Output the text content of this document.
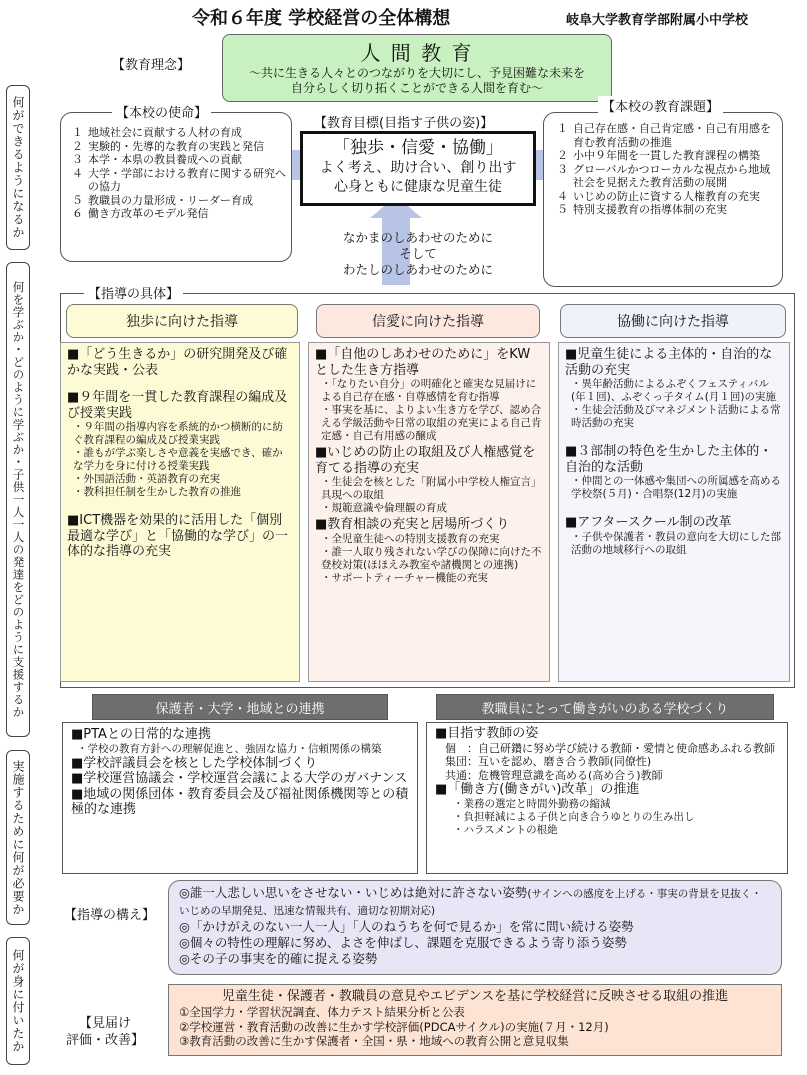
令和６年度 学校経営の全体構想	岐阜大学教育学部附属小中学校
何ができるようになるか
何を学ぶか・どのように学ぶか・子供一人一人の発達をどのように支援するか
実施するために何が必要か
何が身に付いたか
【教育理念】
人 間 教 育
～共に生きる人々とのつながりを大切にし、予見困難な未来を
自分らしく切り拓くことができる人間を育む～
【本校の使命】
１ 地域社会に貢献する人材の育成
２ 実験的・先導的な教育の実践と発信
３ 本学・本県の教員養成への貢献
４ 大学・学部における教育に関する研究への協力
５ 教職員の力量形成・リーダー育成
６ 働き方改革のモデル発信
【本校の教育課題】
１ 自己存在感・自己肯定感・自己有用感を育む教育活動の推進
２ 小中９年間を一貫した教育課程の構築
３ グローバルかつローカルな視点から地域社会を見据えた教育活動の展開
４ いじめの防止に資する人権教育の充実
５ 特別支援教育の指導体制の充実
【教育目標(目指す子供の姿)】
「独歩・信愛・協働」
よく考え、助け合い、創り出す
心身ともに健康な児童生徒
なかまのしあわせのために
そして
わたしのしあわせのために
【指導の具体】
独歩に向けた指導
■「どう生きるか」の研究開発及び確かな実践・公表
■９年間を一貫した教育課程の編成及び授業実践
・９年間の指導内容を系統的かつ横断的に紡ぐ教育課程の編成及び授業実践
・誰もが学ぶ楽しさや意義を実感でき、確かな学力を身に付ける授業実践
・外国語活動・英語教育の充実
・教科担任制を生かした教育の推進
■ICT機器を効果的に活用した「個別最適な学び」と「協働的な学び」の一体的な指導の充実
信愛に向けた指導
■「自他のしあわせのために」をKWとした生き方指導
・「なりたい自分」の明確化と確実な見届けによる自己存在感・自尊感情を育む指導
・事実を基に、よりよい生き方を学び、認め合える学級活動や日常の取組の充実による自己肯定感・自己有用感の醸成
■いじめの防止の取組及び人権感覚を育てる指導の充実
・生徒会を核とした「附属小中学校人権宣言」具現への取組
・規範意識や倫理観の育成
■教育相談の充実と居場所づくり
・全児童生徒への特別支援教育の充実
・誰一人取り残されない学びの保障に向けた不登校対策(ほほえみ教室や諸機関との連携)
・サポートティーチャー機能の充実
協働に向けた指導
■児童生徒による主体的・自治的な活動の充実
・異年齢活動によるふぞくフェスティバル(年１回)、ふぞくっ子タイム(月１回)の実施
・生徒会活動及びマネジメント活動による常時活動の充実
■３部制の特色を生かした主体的・自治的な活動
・仲間との一体感や集団への所属感を高める学校祭(５月)・合唱祭(12月)の実施
■アフタースクール制の改革
・子供や保護者・教員の意向を大切にした部活動の地域移行への取組
保護者・大学・地域との連携
■PTAとの日常的な連携
・学校の教育方針への理解促進と、強固な協力・信頼関係の構築
■学校評議員会を核とした学校体制づくり
■学校運営協議会・学校運営会議による大学のガバナンス
■地域の関係団体・教育委員会及び福祉関係機関等との積極的な連携
教職員にとって働きがいのある学校づくり
■目指す教師の姿
個　： 自己研鑽に努め学び続ける教師・愛情と使命感あふれる教師
集団： 互いを認め、磨き合う教師(同僚性)
共通： 危機管理意識を高める(高め合う)教師
■「働き方(働きがい)改革」の推進
・業務の選定と時間外勤務の縮減
・負担軽減による子供と向き合うゆとりの生み出し
・ハラスメントの根絶
【指導の構え】
◎誰一人悲しい思いをさせない・いじめは絶対に許さない姿勢(サインへの感度を上げる・事実の背景を見抜く・いじめの早期発見、迅速な情報共有、適切な初期対応)
◎「かけがえのない一人一人」「人のねうちを何で見るか」を常に問い続ける姿勢
◎個々の特性の理解に努め、よさを伸ばし、課題を克服できるよう寄り添う姿勢
◎その子の事実を的確に捉える姿勢
【見届け
評価・改善】
児童生徒・保護者・教職員の意見やエビデンスを基に学校経営に反映させる取組の推進
①全国学力・学習状況調査、体力テスト結果分析と公表
②学校運営・教育活動の改善に生かす学校評価(PDCAサイクル)の実施(７月・12月)
③教育活動の改善に生かす保護者・全国・県・地域への教育公開と意見収集
